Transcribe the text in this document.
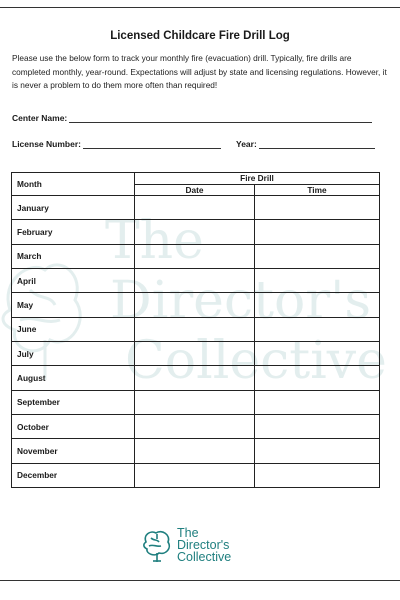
The
Director's
Collective
Licensed Childcare Fire Drill Log
Please use the below form to track your monthly fire (evacuation) drill. Typically, fire drills are completed monthly, year-round. Expectations will adjust by state and licensing regulations. However, it is never a problem to do them more often than required!
Center Name:
License Number:	Year:
Month	Fire Drill	
	Date	Time
January		
February		
March		
April		
May		
June		
July		
August		
September		
October		
November		
December		
The
Director's
Collective
